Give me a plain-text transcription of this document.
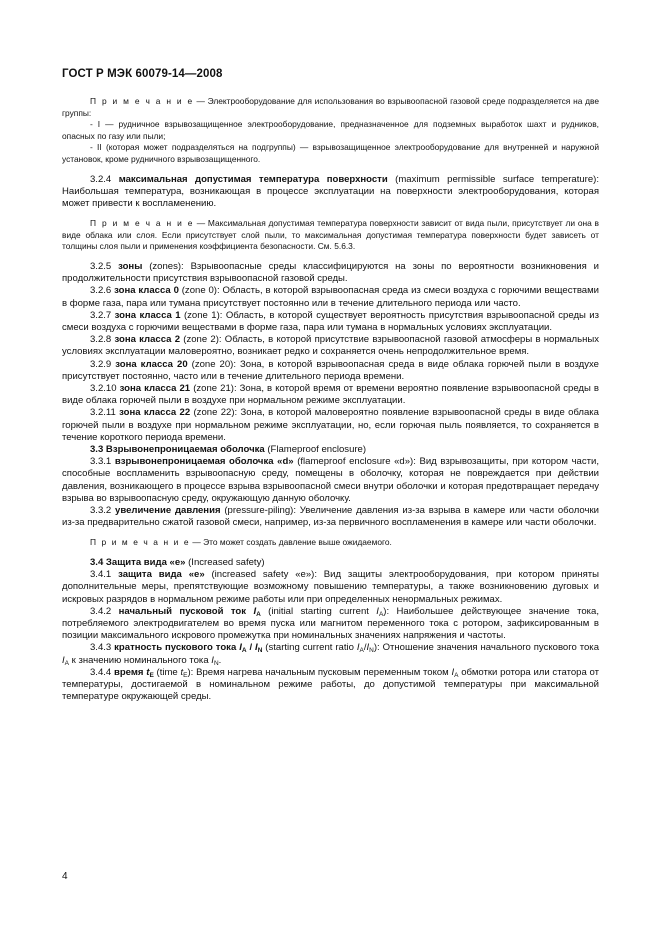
ГОСТ Р МЭК 60079-14—2008

П р и м е ч а н и е — Электрооборудование для использования во взрывоопасной газовой среде подразделяется на две группы:

- I — рудничное взрывозащищенное электрооборудование, предназначенное для подземных выработок шахт и рудников, опасных по газу или пыли;

- II (которая может подразделяться на подгруппы) — взрывозащищенное электрооборудование для внутренней и наружной установок, кроме рудничного взрывозащищенного.

3.2.4 максимальная допустимая температура поверхности (maximum permissible surface temperature): Наибольшая температура, возникающая в процессе эксплуатации на поверхности электрооборудования, которая может привести к воспламенению.

П р и м е ч а н и е — Максимальная допустимая температура поверхности зависит от вида пыли, присутствует ли она в виде облака или слоя. Если присутствует слой пыли, то максимальная допустимая температура поверхности будет зависеть от толщины слоя пыли и применения коэффициента безопасности. См. 5.6.3.

3.2.5 зоны (zones): Взрывоопасные среды классифицируются на зоны по вероятности возникновения и продолжительности присутствия взрывоопасной газовой среды.

3.2.6 зона класса 0 (zone 0): Область, в которой взрывоопасная среда из смеси воздуха с горючими веществами в форме газа, пара или тумана присутствует постоянно или в течение длительного периода или часто.

3.2.7 зона класса 1 (zone 1): Область, в которой существует вероятность присутствия взрывоопасной среды из смеси воздуха с горючими веществами в форме газа, пара или тумана в нормальных условиях эксплуатации.

3.2.8 зона класса 2 (zone 2): Область, в которой присутствие взрывоопасной газовой атмосферы в нормальных условиях эксплуатации маловероятно, возникает редко и сохраняется очень непродолжительное время.

3.2.9 зона класса 20 (zone 20): Зона, в которой взрывоопасная среда в виде облака горючей пыли в воздухе присутствует постоянно, часто или в течение длительного периода времени.

3.2.10 зона класса 21 (zone 21): Зона, в которой время от времени вероятно появление взрывоопасной среды в виде облака горючей пыли в воздухе при нормальном режиме эксплуатации.

3.2.11 зона класса 22 (zone 22): Зона, в которой маловероятно появление взрывоопасной среды в виде облака горючей пыли в воздухе при нормальном режиме эксплуатации, но, если горючая пыль появляется, то сохраняется в течение короткого периода времени.

3.3 Взрывонепроницаемая оболочка (Flameproof enclosure)

3.3.1 взрывонепроницаемая оболочка «d» (flameproof enclosure «d»): Вид взрывозащиты, при котором части, способные воспламенить взрывоопасную среду, помещены в оболочку, которая не повреждается при действии давления, возникающего в процессе взрыва взрывоопасной смеси внутри оболочки и которая предотвращает передачу взрыва во взрывоопасную среду, окружающую данную оболочку.

3.3.2 увеличение давления (pressure-piling): Увеличение давления из-за взрыва в камере или части оболочки из-за предварительно сжатой газовой смеси, например, из-за первичного воспламенения в камере или части оболочки.

П р и м е ч а н и е — Это может создать давление выше ожидаемого.

3.4 Защита вида «е» (Increased safety)

3.4.1 защита вида «е» (increased safety «е»): Вид защиты электрооборудования, при котором приняты дополнительные меры, препятствующие возможному повышению температуры, а также возникновению дуговых и искровых разрядов в нормальном режиме работы или при определенных ненормальных режимах.

3.4.2 начальный пусковой ток $I_A$ (initial starting current $I_A$): Наибольшее действующее значение тока, потребляемого электродвигателем во время пуска или магнитом переменного тока с ротором, зафиксированным в позиции максимального искрового промежутка при номинальных значениях напряжения и частоты.

3.4.3 кратность пускового тока $I_A / I_N$ (starting current ratio $I_A/I_N$): Отношение значения начального пускового тока $I_A$ к значению номинального тока $I_N$.

3.4.4 время $t_E$ (time $t_E$): Время нагрева начальным пусковым переменным током $I_A$ обмотки ротора или статора от температуры, достигаемой в номинальном режиме работы, до допустимой температуры при максимальной температуре окружающей среды.

4
